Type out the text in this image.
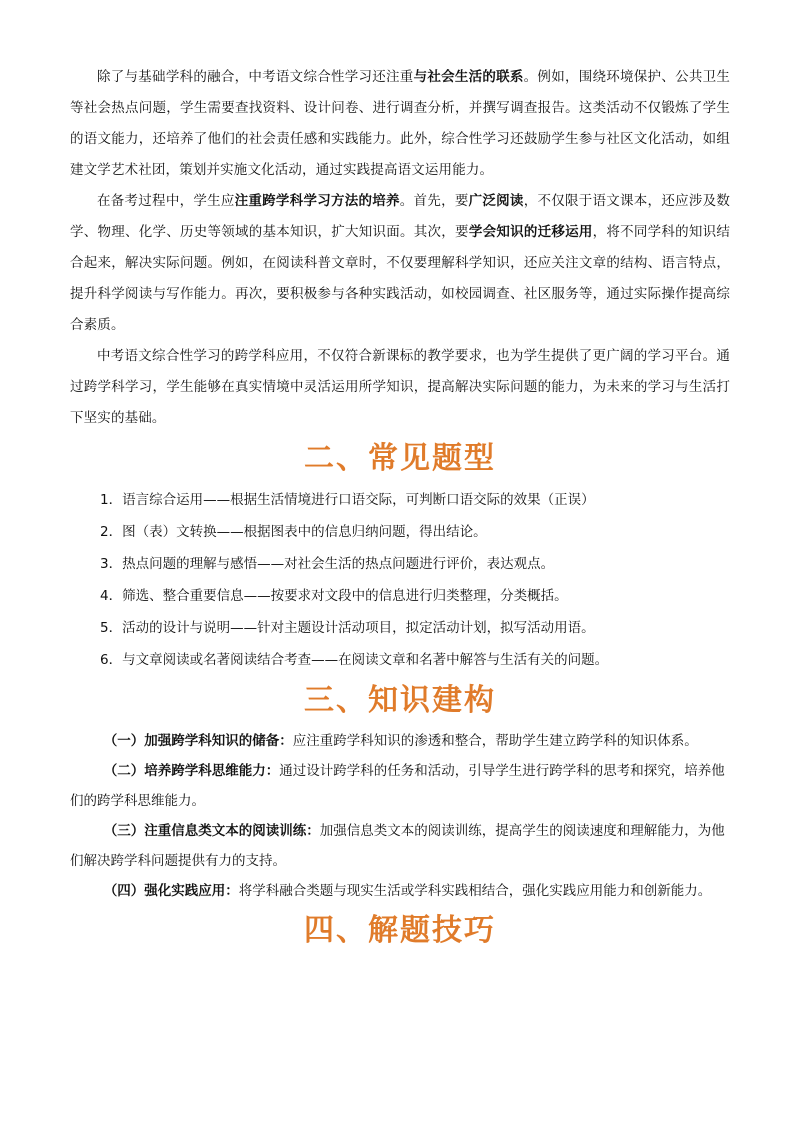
除了与基础学科的融合，中考语文综合性学习还注重与社会生活的联系。例如，围绕环境保护、公共卫生等社会热点问题，学生需要查找资料、设计问卷、进行调查分析，并撰写调查报告。这类活动不仅锻炼了学生的语文能力，还培养了他们的社会责任感和实践能力。此外，综合性学习还鼓励学生参与社区文化活动，如组建文学艺术社团，策划并实施文化活动，通过实践提高语文运用能力。

在备考过程中，学生应注重跨学科学习方法的培养。首先，要广泛阅读，不仅限于语文课本，还应涉及数学、物理、化学、历史等领域的基本知识，扩大知识面。其次，要学会知识的迁移运用，将不同学科的知识结合起来，解决实际问题。例如，在阅读科普文章时，不仅要理解科学知识，还应关注文章的结构、语言特点，提升科学阅读与写作能力。再次，要积极参与各种实践活动，如校园调查、社区服务等，通过实际操作提高综合素质。

中考语文综合性学习的跨学科应用，不仅符合新课标的教学要求，也为学生提供了更广阔的学习平台。通过跨学科学习，学生能够在真实情境中灵活运用所学知识，提高解决实际问题的能力，为未来的学习与生活打下坚实的基础。

二、常见题型

1．语言综合运用——根据生活情境进行口语交际，可判断口语交际的效果（正误）

2．图（表）文转换——根据图表中的信息归纳问题，得出结论。

3．热点问题的理解与感悟——对社会生活的热点问题进行评价，表达观点。

4．筛选、整合重要信息——按要求对文段中的信息进行归类整理，分类概括。

5．活动的设计与说明——针对主题设计活动项目，拟定活动计划，拟写活动用语。

6．与文章阅读或名著阅读结合考查——在阅读文章和名著中解答与生活有关的问题。

三、知识建构

（一）加强跨学科知识的储备：应注重跨学科知识的渗透和整合，帮助学生建立跨学科的知识体系。

（二）培养跨学科思维能力：通过设计跨学科的任务和活动，引导学生进行跨学科的思考和探究，培养他们的跨学科思维能力。

（三）注重信息类文本的阅读训练：加强信息类文本的阅读训练，提高学生的阅读速度和理解能力，为他们解决跨学科问题提供有力的支持。

（四）强化实践应用：将学科融合类题与现实生活或学科实践相结合，强化实践应用能力和创新能力。

四、解题技巧
